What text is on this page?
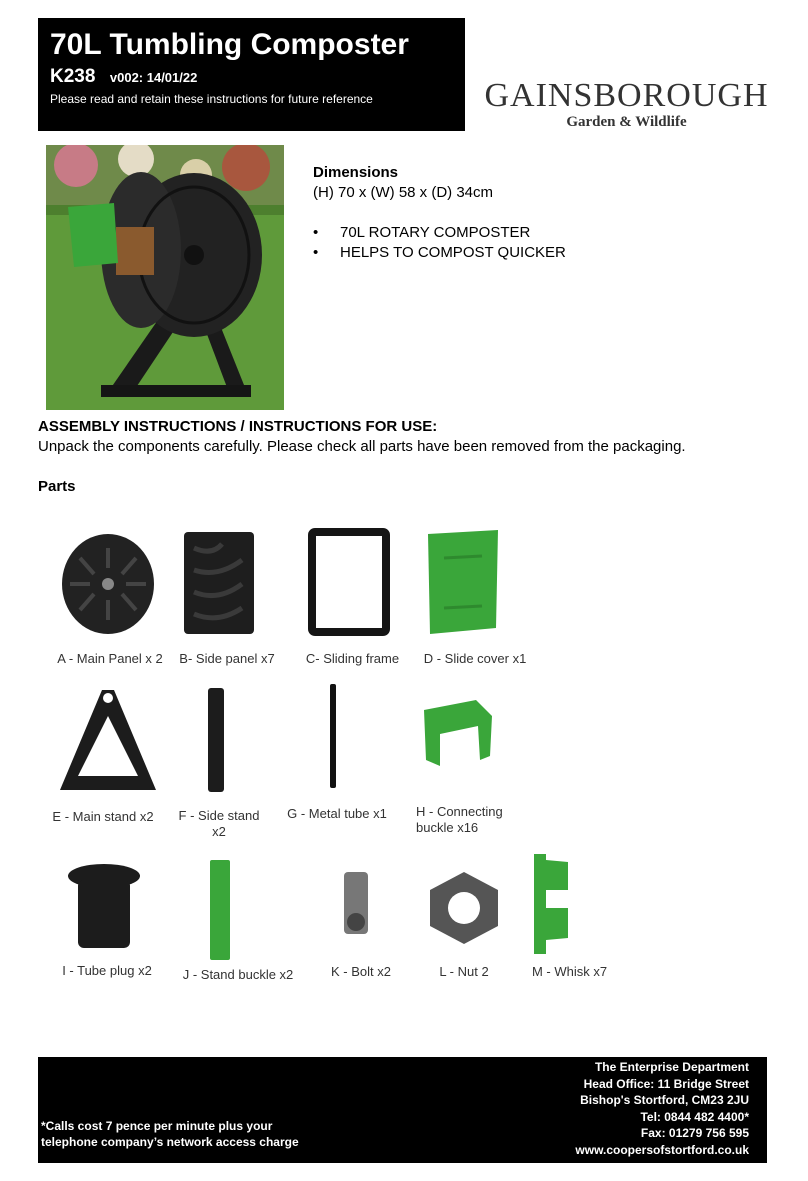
70L Tumbling Composter
K238 v002: 14/01/22
Please read and retain these instructions for future reference	GAINSBOROUGH
Garden & Wildlife
Dimensions
(H) 70 x (W) 58 x (D) 34cm
• 70L ROTARY COMPOSTER
• HELPS TO COMPOST QUICKER
ASSEMBLY INSTRUCTIONS / INSTRUCTIONS FOR USE:
Unpack the components carefully. Please check all parts have been removed from the packaging.
Parts
A - Main Panel x 2	B- Side panel x7	C- Sliding frame	D - Slide cover x1
E - Main stand x2	F - Side stand
x2
G - Metal tube x1	H - Connecting
buckle x16
I - Tube plug x2	J - Stand buckle x2	K - Bolt x2	L - Nut 2	M - Whisk x7
*Calls cost 7 pence per minute plus your
telephone company’s network access charge
The Enterprise Department
Head Office: 11 Bridge Street
Bishop's Stortford, CM23 2JU
Tel: 0844 482 4400*
Fax: 01279 756 595
www.coopersofstortford.co.uk
